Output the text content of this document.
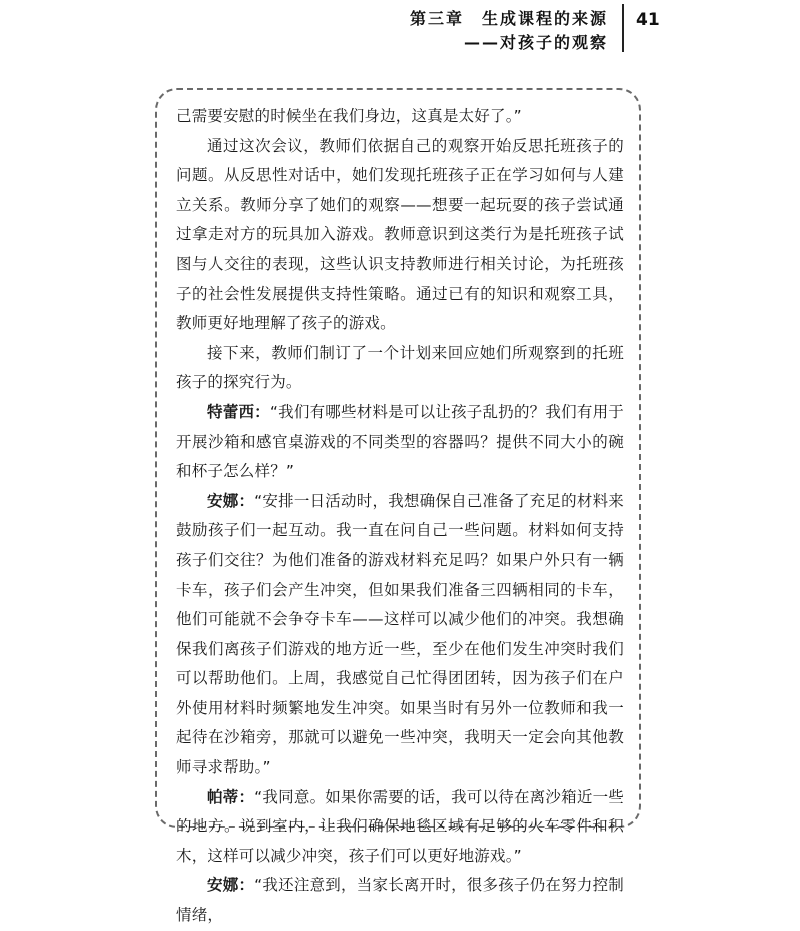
第三章　生成课程的来源
——对孩子的观察
41

己需要安慰的时候坐在我们身边，这真是太好了。”

通过这次会议，教师们依据自己的观察开始反思托班孩子的问题。从反思性对话中，她们发现托班孩子正在学习如何与人建立关系。教师分享了她们的观察——想要一起玩耍的孩子尝试通过拿走对方的玩具加入游戏。教师意识到这类行为是托班孩子试图与人交往的表现，这些认识支持教师进行相关讨论，为托班孩子的社会性发展提供支持性策略。通过已有的知识和观察工具，教师更好地理解了孩子的游戏。

接下来，教师们制订了一个计划来回应她们所观察到的托班孩子的探究行为。

特蕾西：“我们有哪些材料是可以让孩子乱扔的？我们有用于开展沙箱和感官桌游戏的不同类型的容器吗？提供不同大小的碗和杯子怎么样？”

安娜：“安排一日活动时，我想确保自己准备了充足的材料来鼓励孩子们一起互动。我一直在问自己一些问题。材料如何支持孩子们交往？为他们准备的游戏材料充足吗？如果户外只有一辆卡车，孩子们会产生冲突，但如果我们准备三四辆相同的卡车，他们可能就不会争夺卡车——这样可以减少他们的冲突。我想确保我们离孩子们游戏的地方近一些，至少在他们发生冲突时我们可以帮助他们。上周，我感觉自己忙得团团转，因为孩子们在户外使用材料时频繁地发生冲突。如果当时有另外一位教师和我一起待在沙箱旁，那就可以避免一些冲突，我明天一定会向其他教师寻求帮助。”

帕蒂：“我同意。如果你需要的话，我可以待在离沙箱近一些的地方。说到室内，让我们确保地毯区域有足够的火车零件和积木，这样可以减少冲突，孩子们可以更好地游戏。”

安娜：“我还注意到，当家长离开时，很多孩子仍在努力控制情绪，
